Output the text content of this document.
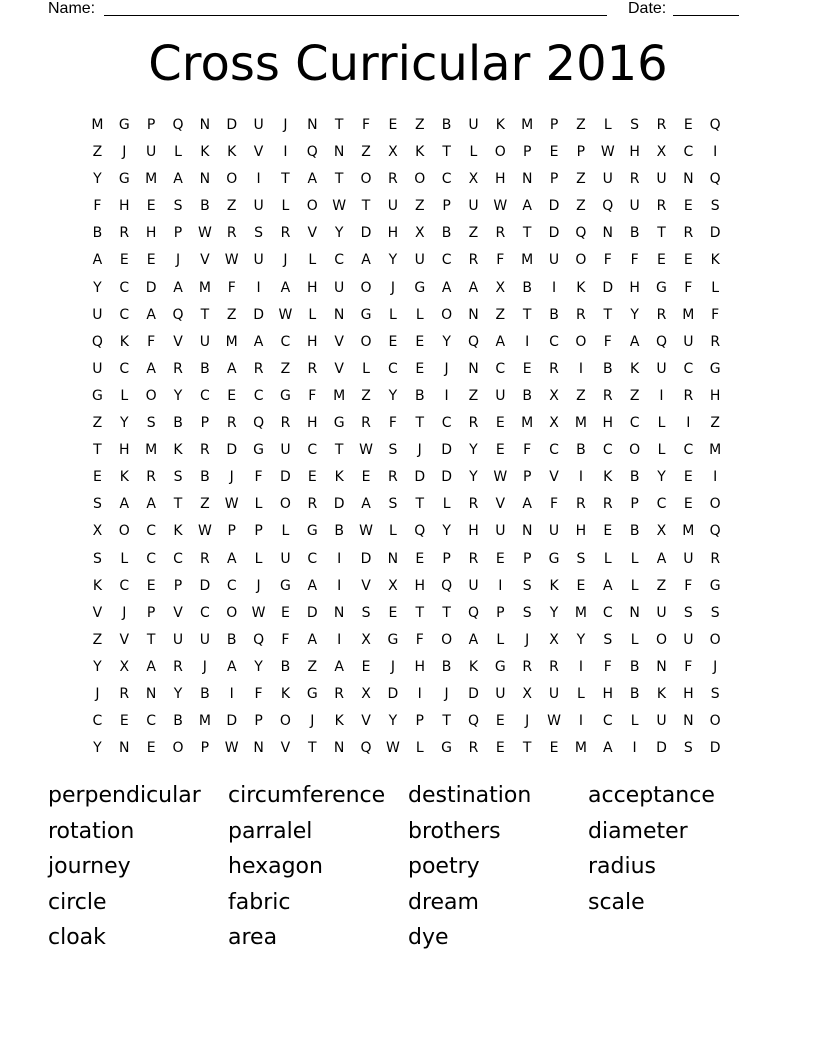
Name:	Date:
Cross Curricular 2016
M	G	P	Q	N	D	U	J	N	T	F	E	Z	B	U	K	M	P	Z	L	S	R	E	Q
Z	J	U	L	K	K	V	I	Q	N	Z	X	K	T	L	O	P	E	P	W	H	X	C	I
Y	G	M	A	N	O	I	T	A	T	O	R	O	C	X	H	N	P	Z	U	R	U	N	Q
F	H	E	S	B	Z	U	L	O	W	T	U	Z	P	U	W	A	D	Z	Q	U	R	E	S
B	R	H	P	W	R	S	R	V	Y	D	H	X	B	Z	R	T	D	Q	N	B	T	R	D
A	E	E	J	V	W	U	J	L	C	A	Y	U	C	R	F	M	U	O	F	F	E	E	K
Y	C	D	A	M	F	I	A	H	U	O	J	G	A	A	X	B	I	K	D	H	G	F	L
U	C	A	Q	T	Z	D	W	L	N	G	L	L	O	N	Z	T	B	R	T	Y	R	M	F
Q	K	F	V	U	M	A	C	H	V	O	E	E	Y	Q	A	I	C	O	F	A	Q	U	R
U	C	A	R	B	A	R	Z	R	V	L	C	E	J	N	C	E	R	I	B	K	U	C	G
G	L	O	Y	C	E	C	G	F	M	Z	Y	B	I	Z	U	B	X	Z	R	Z	I	R	H
Z	Y	S	B	P	R	Q	R	H	G	R	F	T	C	R	E	M	X	M	H	C	L	I	Z
T	H	M	K	R	D	G	U	C	T	W	S	J	D	Y	E	F	C	B	C	O	L	C	M
E	K	R	S	B	J	F	D	E	K	E	R	D	D	Y	W	P	V	I	K	B	Y	E	I
S	A	A	T	Z	W	L	O	R	D	A	S	T	L	R	V	A	F	R	R	P	C	E	O
X	O	C	K	W	P	P	L	G	B	W	L	Q	Y	H	U	N	U	H	E	B	X	M	Q
S	L	C	C	R	A	L	U	C	I	D	N	E	P	R	E	P	G	S	L	L	A	U	R
K	C	E	P	D	C	J	G	A	I	V	X	H	Q	U	I	S	K	E	A	L	Z	F	G
V	J	P	V	C	O	W	E	D	N	S	E	T	T	Q	P	S	Y	M	C	N	U	S	S
Z	V	T	U	U	B	Q	F	A	I	X	G	F	O	A	L	J	X	Y	S	L	O	U	O
Y	X	A	R	J	A	Y	B	Z	A	E	J	H	B	K	G	R	R	I	F	B	N	F	J
J	R	N	Y	B	I	F	K	G	R	X	D	I	J	D	U	X	U	L	H	B	K	H	S
C	E	C	B	M	D	P	O	J	K	V	Y	P	T	Q	E	J	W	I	C	L	U	N	O
Y	N	E	O	P	W	N	V	T	N	Q	W	L	G	R	E	T	E	M	A	I	D	S	D
perpendicular	circumference	destination	acceptance
rotation	parralel	brothers	diameter
journey	hexagon	poetry	radius
circle	fabric	dream	scale
cloak	area	dye
